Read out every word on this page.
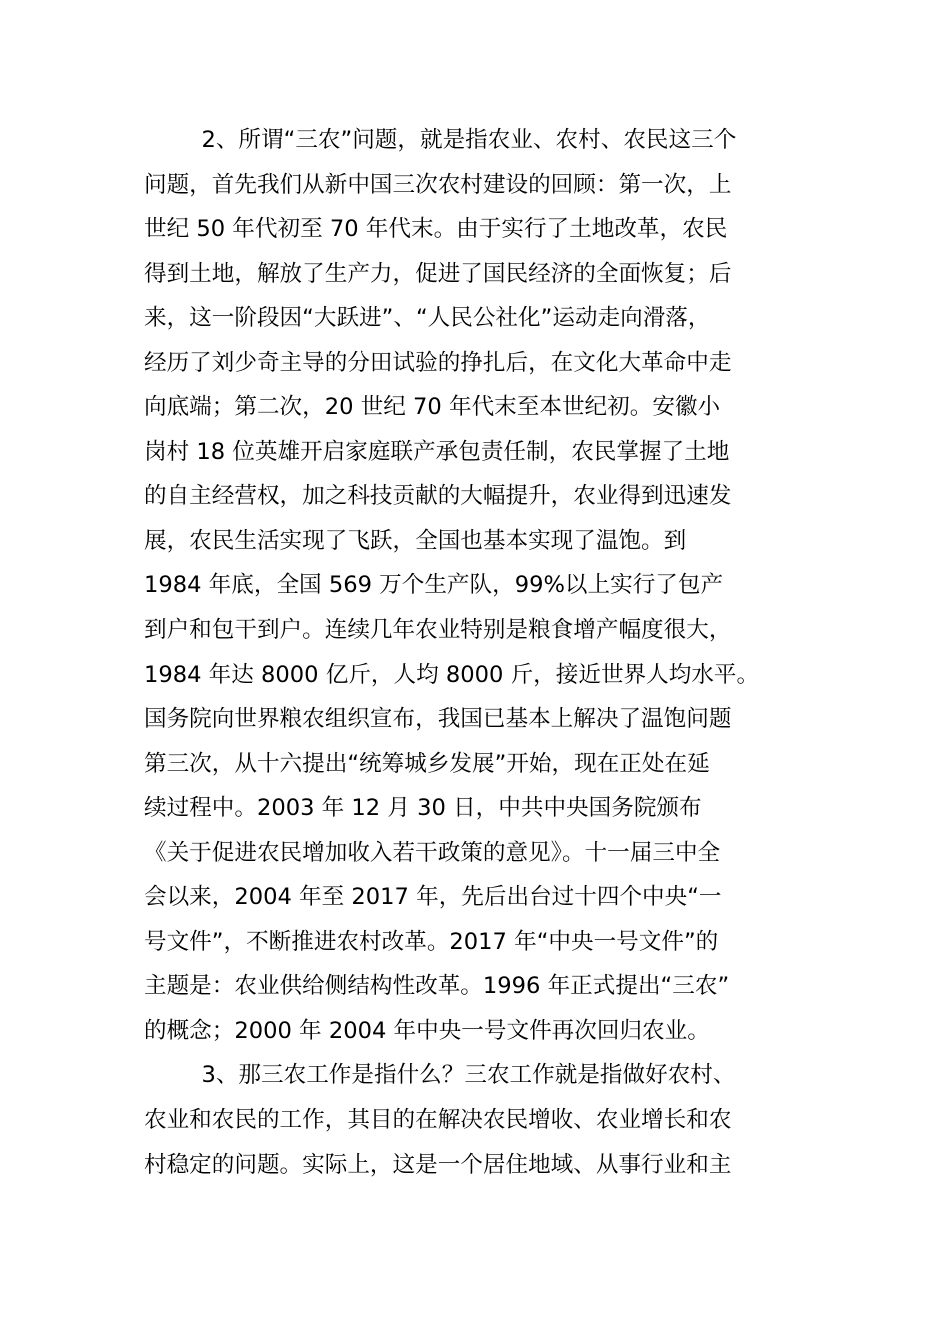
2、所谓“三农”问题，就是指农业、农村、农民这三个
问题，首先我们从新中国三次农村建设的回顾：第一次，上
世纪 50 年代初至 70 年代末。由于实行了土地改革，农民
得到土地，解放了生产力，促进了国民经济的全面恢复；后
来，这一阶段因“大跃进”、“人民公社化”运动走向滑落，
经历了刘少奇主导的分田试验的挣扎后，在文化大革命中走
向底端；第二次，20 世纪 70 年代末至本世纪初。安徽小
岗村 18 位英雄开启家庭联产承包责任制，农民掌握了土地
的自主经营权，加之科技贡献的大幅提升，农业得到迅速发
展，农民生活实现了飞跃，全国也基本实现了温饱。到
1984 年底，全国 569 万个生产队，99%以上实行了包产
到户和包干到户。连续几年农业特别是粮食增产幅度很大，
1984 年达 8000 亿斤，人均 8000 斤，接近世界人均水平。
国务院向世界粮农组织宣布，我国已基本上解决了温饱问题
第三次，从十六提出“统筹城乡发展”开始，现在正处在延
续过程中。2003 年 12 月 30 日，中共中央国务院颁布
《关于促进农民增加收入若干政策的意见》。十一届三中全
会以来，2004 年至 2017 年，先后出台过十四个中央“一
号文件”，不断推进农村改革。2017 年“中央一号文件”的
主题是：农业供给侧结构性改革。1996 年正式提出“三农”
的概念；2000 年 2004 年中央一号文件再次回归农业。
3、那三农工作是指什么？三农工作就是指做好农村、
农业和农民的工作，其目的在解决农民增收、农业增长和农
村稳定的问题。实际上，这是一个居住地域、从事行业和主
